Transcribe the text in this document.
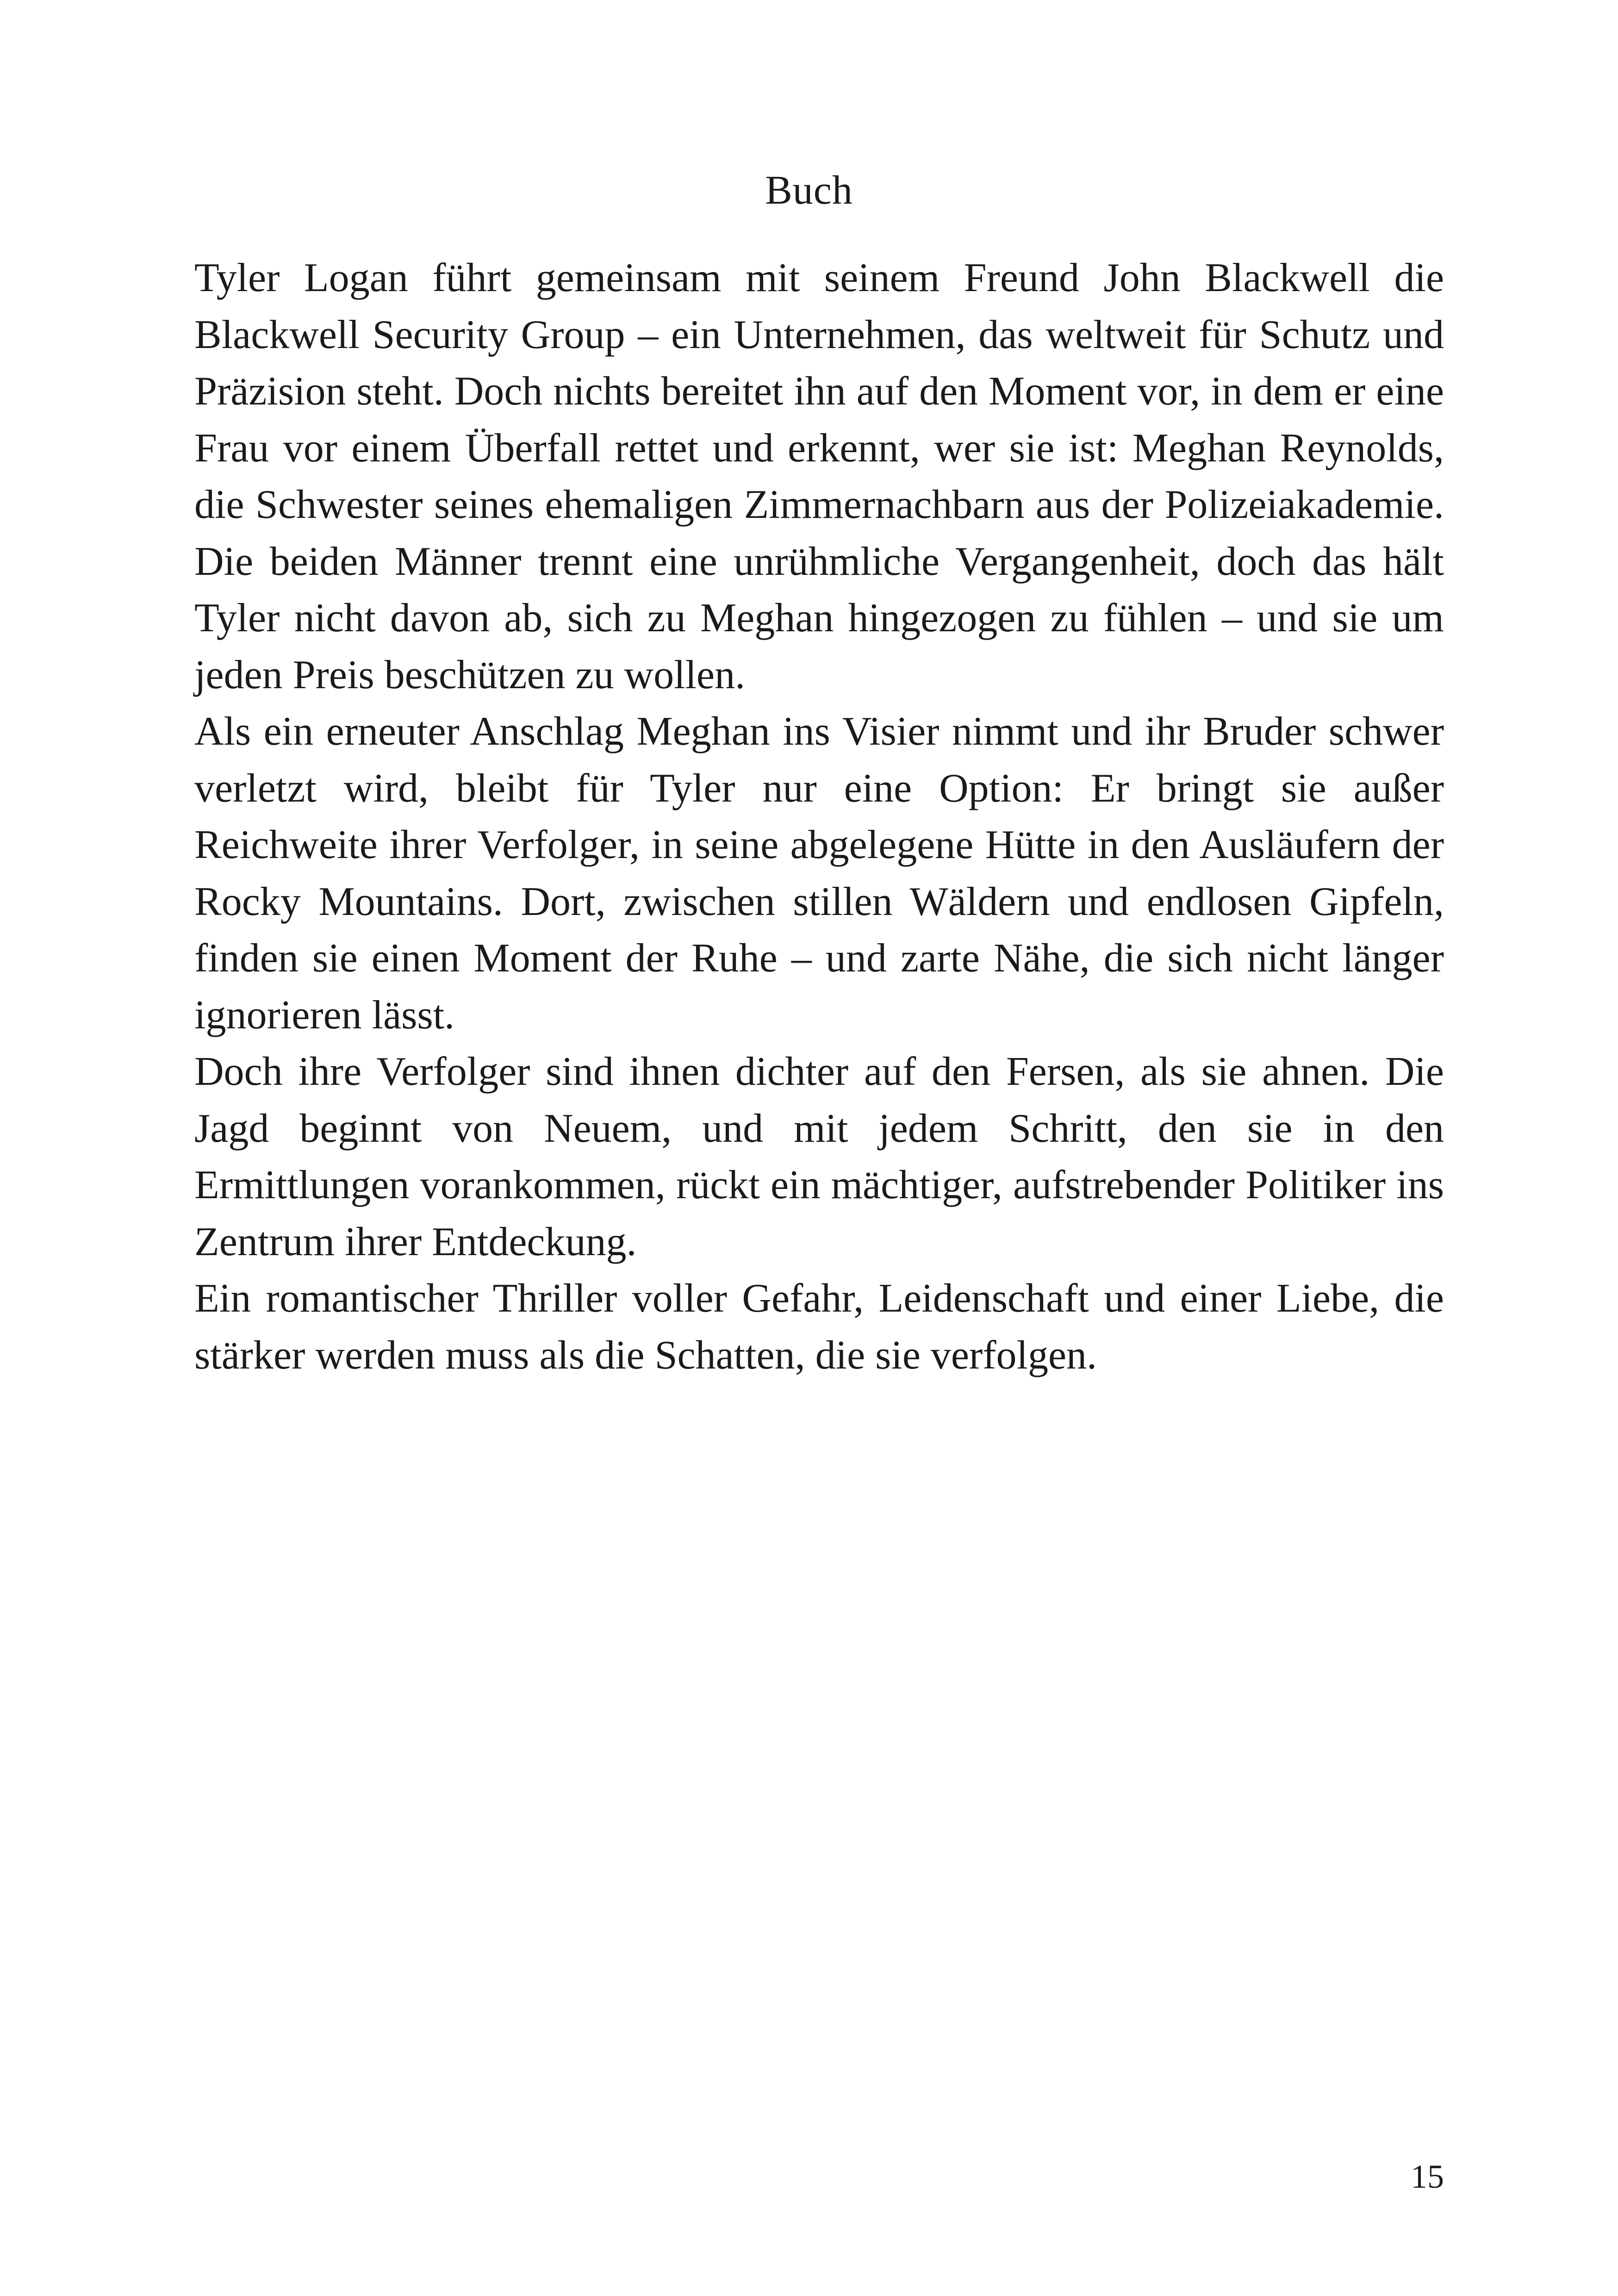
Buch

Tyler Logan führt gemeinsam mit seinem Freund John Blackwell die Blackwell Security Group – ein Unternehmen, das weltweit für Schutz und Präzision steht. Doch nichts bereitet ihn auf den Moment vor, in dem er eine Frau vor einem Überfall rettet und erkennt, wer sie ist: Meghan Reynolds, die Schwester seines ehemaligen Zimmernachbarn aus der Polizeiakademie. Die beiden Männer trennt eine unrühmliche Vergangenheit, doch das hält Tyler nicht davon ab, sich zu Meghan hingezogen zu fühlen – und sie um jeden Preis beschützen zu wollen.

Als ein erneuter Anschlag Meghan ins Visier nimmt und ihr Bruder schwer verletzt wird, bleibt für Tyler nur eine Option: Er bringt sie außer Reichweite ihrer Verfolger, in seine abgelegene Hütte in den Ausläufern der Rocky Mountains. Dort, zwischen stillen Wäldern und endlosen Gipfeln, finden sie einen Moment der Ruhe – und zarte Nähe, die sich nicht länger ignorieren lässt.

Doch ihre Verfolger sind ihnen dichter auf den Fersen, als sie ahnen. Die Jagd beginnt von Neuem, und mit jedem Schritt, den sie in den Ermittlungen vorankommen, rückt ein mächtiger, aufstrebender Politiker ins Zentrum ihrer Entdeckung.

Ein romantischer Thriller voller Gefahr, Leidenschaft und einer Liebe, die stärker werden muss als die Schatten, die sie verfolgen.

15
